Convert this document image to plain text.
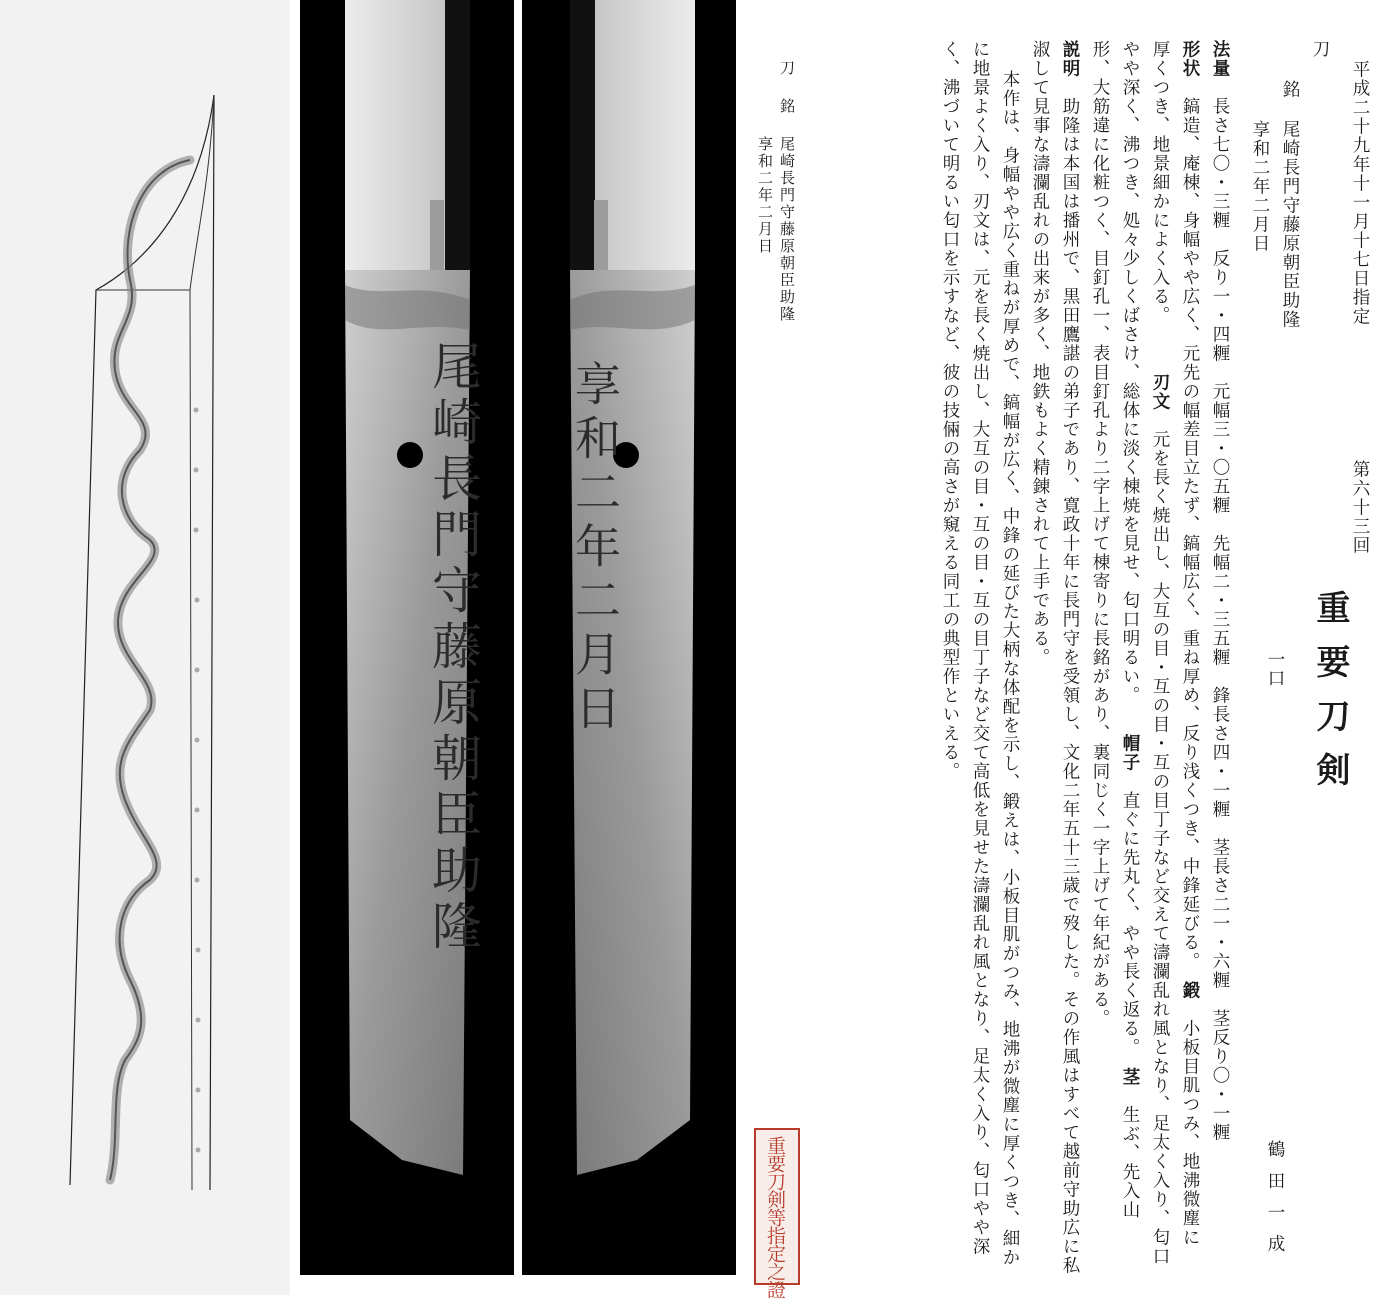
尾崎長門守藤原朝臣助隆 享和二年二月日
刀
銘
尾崎長門守藤原朝臣助隆
享和二年二月日
重要刀剣等指定之證
平成二十九年十一月十七日指定
第六十三回
重要刀剣
一口
鶴田一成
刀
銘
尾崎長門守藤原朝臣助隆
享和二年二月日
法量　長さ七〇・三糎　反り一・四糎　元幅三・〇五糎　先幅二・三五糎　鋒長さ四・一糎　茎長さ二一・六糎　茎反り〇・一糎
形状　鎬造、庵棟、身幅やや広く、元先の幅差目立たず、鎬幅広く、重ね厚め、反り浅くつき、中鋒延びる。　鍛　小板目肌つみ、地沸微塵に
厚くつき、地景細かによく入る。　　　刃文　元を長く焼出し、大互の目・互の目・互の目丁子など交えて濤瀾乱れ風となり、足太く入り、匂口
やや深く、沸つき、処々少しくばさけ、総体に淡く棟焼を見せ、匂口明るい。　　帽子　直ぐに先丸く、やや長く返る。　茎　生ぶ、先入山
形、大筋違に化粧つく、目釘孔一、表目釘孔より二字上げて棟寄りに長銘があり、裏同じく一字上げて年紀がある。
説明　助隆は本国は播州で、黒田鷹諶の弟子であり、寛政十年に長門守を受領し、文化二年五十三歳で歿した。その作風はすべて越前守助広に私
淑して見事な濤瀾乱れの出来が多く、地鉄もよく精錬されて上手である。
本作は、身幅やや広く重ねが厚めで、鎬幅が広く、中鋒の延びた大柄な体配を示し、鍛えは、小板目肌がつみ、地沸が微塵に厚くつき、細か
に地景よく入り、刃文は、元を長く焼出し、大互の目・互の目・互の目丁子など交て高低を見せた濤瀾乱れ風となり、足太く入り、匂口やや深
く、沸づいて明るい匂口を示すなど、彼の技倆の高さが窺える同工の典型作といえる。
